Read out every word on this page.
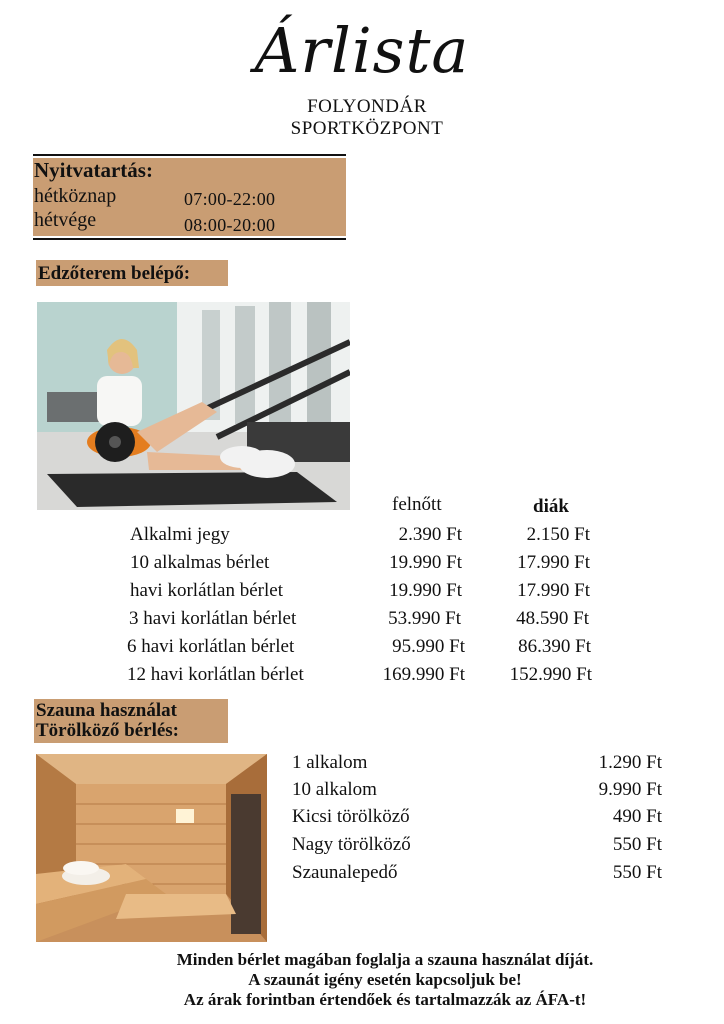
Árlista
FOLYONDÁR
SPORTKÖZPONT
Nyitvatartás:
hétköznap	07:00-22:00
hétvége	08:00-20:00
Edzőterem belépő:
felnőtt	diák
Alkalmi jegy	2.390 Ft	2.150 Ft
10 alkalmas bérlet	19.990 Ft	17.990 Ft
havi korlátlan bérlet	19.990 Ft	17.990 Ft
3 havi korlátlan bérlet	53.990 Ft	48.590 Ft
6 havi korlátlan bérlet	95.990 Ft	86.390 Ft
12 havi korlátlan bérlet	169.990 Ft 152.990 Ft
Szauna használat
Törölköző bérlés:
1 alkalom	1.290 Ft
10 alkalom	9.990 Ft
Kicsi törölköző	490 Ft
Nagy törölköző	550 Ft
Szaunalepedő	550 Ft
Minden bérlet magában foglalja a szauna használat díját.
A szaunát igény esetén kapcsoljuk be!
Az árak forintban értendőek és tartalmazzák az ÁFA-t!
